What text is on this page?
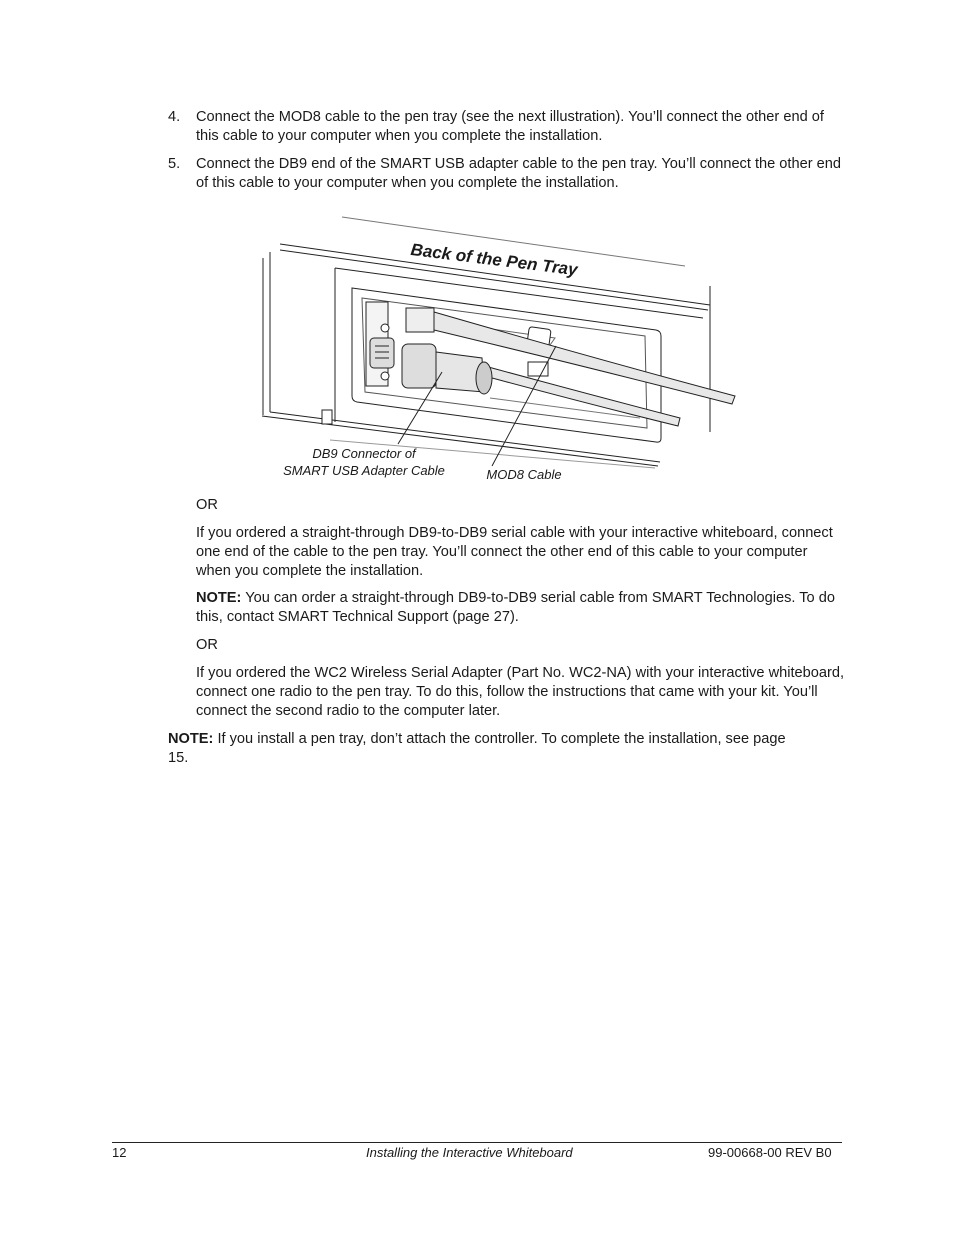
4. Connect the MOD8 cable to the pen tray (see the next illustration). You’ll connect the other end of this cable to your computer when you complete the installation.
5. Connect the DB9 end of the SMART USB adapter cable to the pen tray. You’ll connect the other end of this cable to your computer when you complete the installation.
Back of the Pen Tray
DB9 Connector of
SMART USB Adapter Cable	MOD8 Cable
OR
If you ordered a straight-through DB9-to-DB9 serial cable with your interactive whiteboard, connect one end of the cable to the pen tray. You’ll connect the other end of this cable to your computer when you complete the installation.
NOTE: You can order a straight-through DB9-to-DB9 serial cable from SMART Technologies. To do this, contact SMART Technical Support (page 27).
OR
If you ordered the WC2 Wireless Serial Adapter (Part No. WC2-NA) with your interactive whiteboard, connect one radio to the pen tray. To do this, follow the instructions that came with your kit. You’ll connect the second radio to the computer later.
NOTE: If you install a pen tray, don’t attach the controller. To complete the installation, see page 15.
12	Installing the Interactive Whiteboard	99-00668-00 REV B0
